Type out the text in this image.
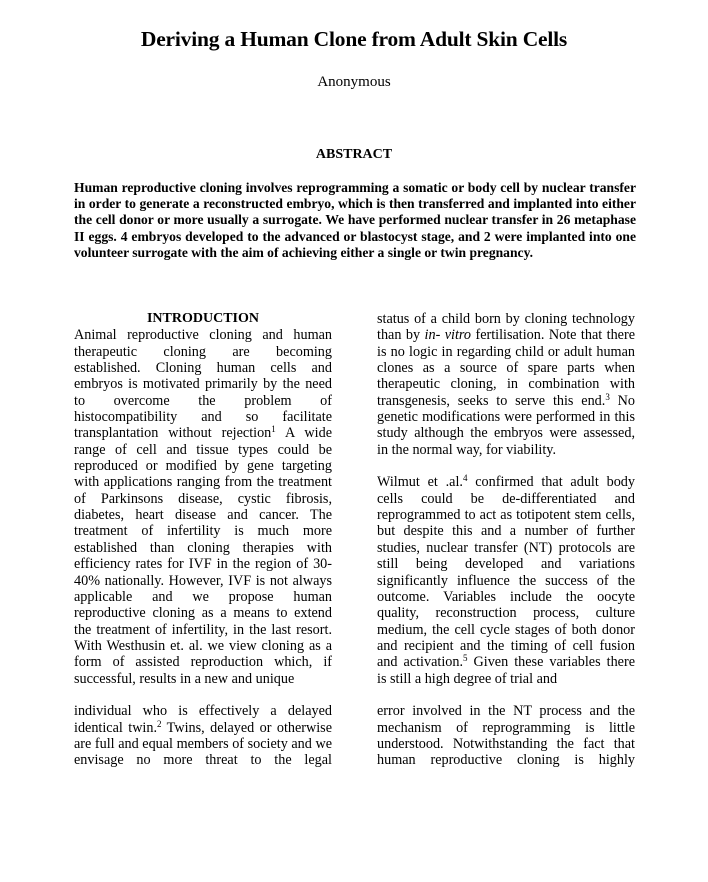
Deriving a Human Clone from Adult Skin Cells
Anonymous
ABSTRACT
Human reproductive cloning involves reprogramming a somatic or body cell by nuclear transfer in order to generate a reconstructed embryo, which is then transferred and implanted into either the cell donor or more usually a surrogate. We have performed nuclear transfer in 26 metaphase II eggs. 4 embryos developed to the advanced or blastocyst stage, and 2 were implanted into one volunteer surrogate with the aim of achieving either a single or twin pregnancy.
INTRODUCTION

Animal reproductive cloning and human therapeutic cloning are becoming established. Cloning human cells and embryos is motivated primarily by the need to overcome the problem of histocompatibility and so facilitate transplantation without rejection$^1$ A wide range of cell and tissue types could be reproduced or modified by gene targeting with applications ranging from the treatment of Parkinsons disease, cystic fibrosis, diabetes, heart disease and cancer. The treatment of infertility is much more established than cloning therapies with efficiency rates for IVF in the region of 30-40% nationally. However, IVF is not always applicable and we propose human reproductive cloning as a means to extend the treatment of infertility, in the last resort. With Westhusin et. al. we view cloning as a form of assisted reproduction which, if successful, results in a new and unique

individual who is effectively a delayed identical twin.$^2$ Twins, delayed or otherwise are full and equal members of society and we envisage no more threat to the legal

status of a child born by cloning technology than by in- vitro fertilisation. Note that there is no logic in regarding child or adult human clones as a source of spare parts when therapeutic cloning, in combination with transgenesis, seeks to serve this end.$^3$ No genetic modifications were performed in this study although the embryos were assessed, in the normal way, for viability.

Wilmut et .al.$^4$ confirmed that adult body cells could be de-differentiated and reprogrammed to act as totipotent stem cells, but despite this and a number of further studies, nuclear transfer (NT) protocols are still being developed and variations significantly influence the success of the outcome. Variables include the oocyte quality, reconstruction process, culture medium, the cell cycle stages of both donor and recipient and the timing of cell fusion and activation.$^5$ Given these variables there is still a high degree of trial and

error involved in the NT process and the mechanism of reprogramming is little understood. Notwithstanding the fact that human reproductive cloning is highly
